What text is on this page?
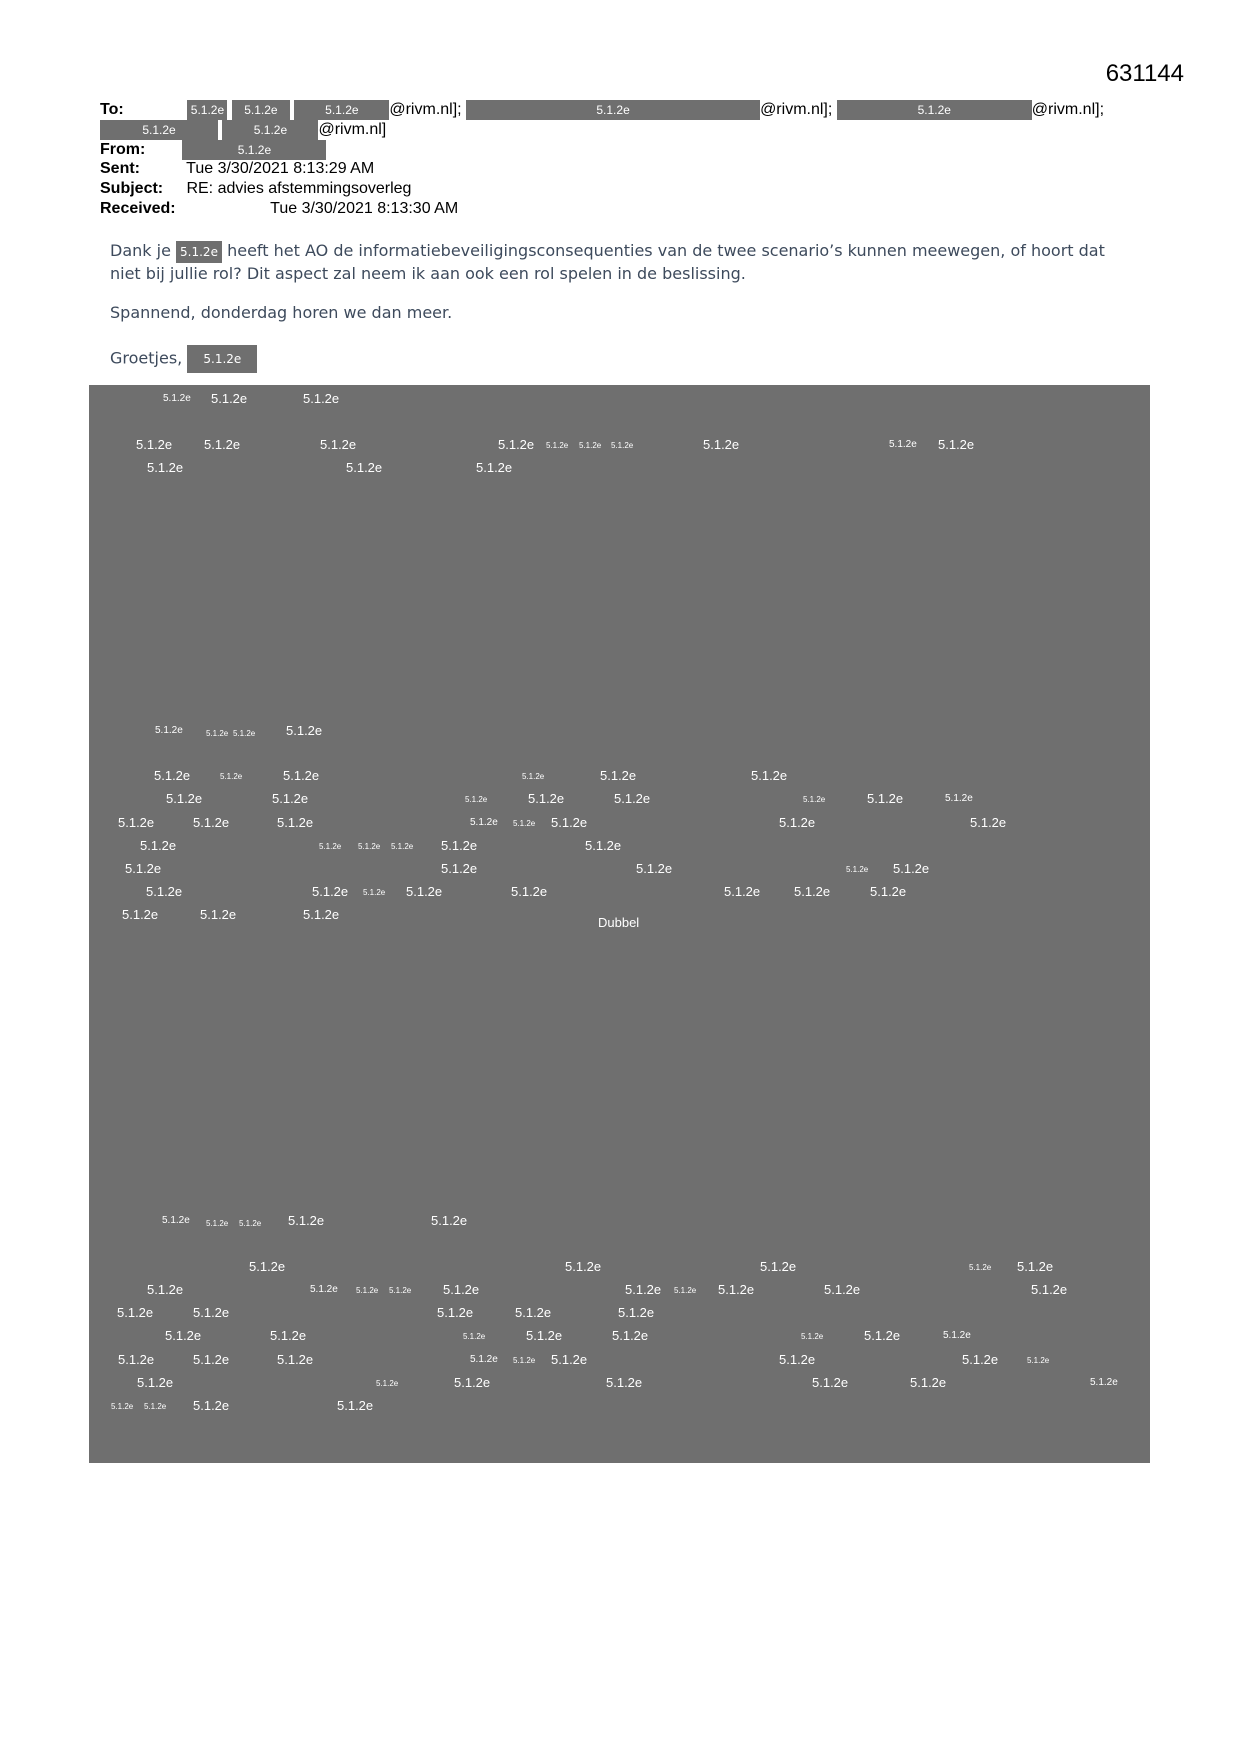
631144
To:	5.1.2e 5.1.2e	5.1.2e @rivm.nl];	5.1.2e	@rivm.nl];	5.1.2e	@rivm.nl];
5.1.2e	5.1.2e @rivm.nl]
From:	5.1.2e
Sent:	Tue 3/30/2021 8:13:29 AM
Subject: RE: advies afstemmingsoverleg
Received:	Tue 3/30/2021 8:13:30 AM
Dank je 5.1.2e heeft het AO de informatiebeveiligingsconsequenties van de twee scenario’s kunnen meewegen, of hoort dat niet bij jullie rol? Dit aspect zal neem ik aan ook een rol spelen in de beslissing.
Spannend, donderdag horen we dan meer.
Groetjes, 5.1.2e
5.1.2e 5.1.2e	5.1.2e
5.1.2e 5.1.2e	5.1.2e	5.1.2e 5.1.2e 5.1.2e 5.1.2e	5.1.2e	5.1.2e 5.1.2e
5.1.2e	5.1.2e	5.1.2e
5.1.2e	5.1.2e 5.1.2e 5.1.2e
5.1.2e	5.1.2e	5.1.2e	5.1.2e	5.1.2e	5.1.2e
5.1.2e	5.1.2e	5.1.2e	5.1.2e	5.1.2e	5.1.2e	5.1.2e	5.1.2e
5.1.2e	5.1.2e	5.1.2e	5.1.2e 5.1.2e 5.1.2e	5.1.2e	5.1.2e
5.1.2e	5.1.2e 5.1.2e 5.1.2e 5.1.2e	5.1.2e
5.1.2e	5.1.2e	5.1.2e	5.1.2e 5.1.2e
5.1.2e	5.1.2e 5.1.2e 5.1.2e	5.1.2e	5.1.2e	5.1.2e	5.1.2e
5.1.2e	5.1.2e	5.1.2e
Dubbel
5.1.2e 5.1.2e 5.1.2e 5.1.2e	5.1.2e
5.1.2e	5.1.2e	5.1.2e	5.1.2e 5.1.2e
5.1.2e	5.1.2e 5.1.2e 5.1.2e 5.1.2e	5.1.2e 5.1.2e 5.1.2e	5.1.2e	5.1.2e
5.1.2e	5.1.2e	5.1.2e	5.1.2e	5.1.2e
5.1.2e	5.1.2e	5.1.2e	5.1.2e	5.1.2e	5.1.2e	5.1.2e	5.1.2e
5.1.2e	5.1.2e	5.1.2e	5.1.2e 5.1.2e 5.1.2e	5.1.2e	5.1.2e	5.1.2e
5.1.2e	5.1.2e	5.1.2e	5.1.2e	5.1.2e	5.1.2e	5.1.2e
5.1.2e 5.1.2e 5.1.2e	5.1.2e
